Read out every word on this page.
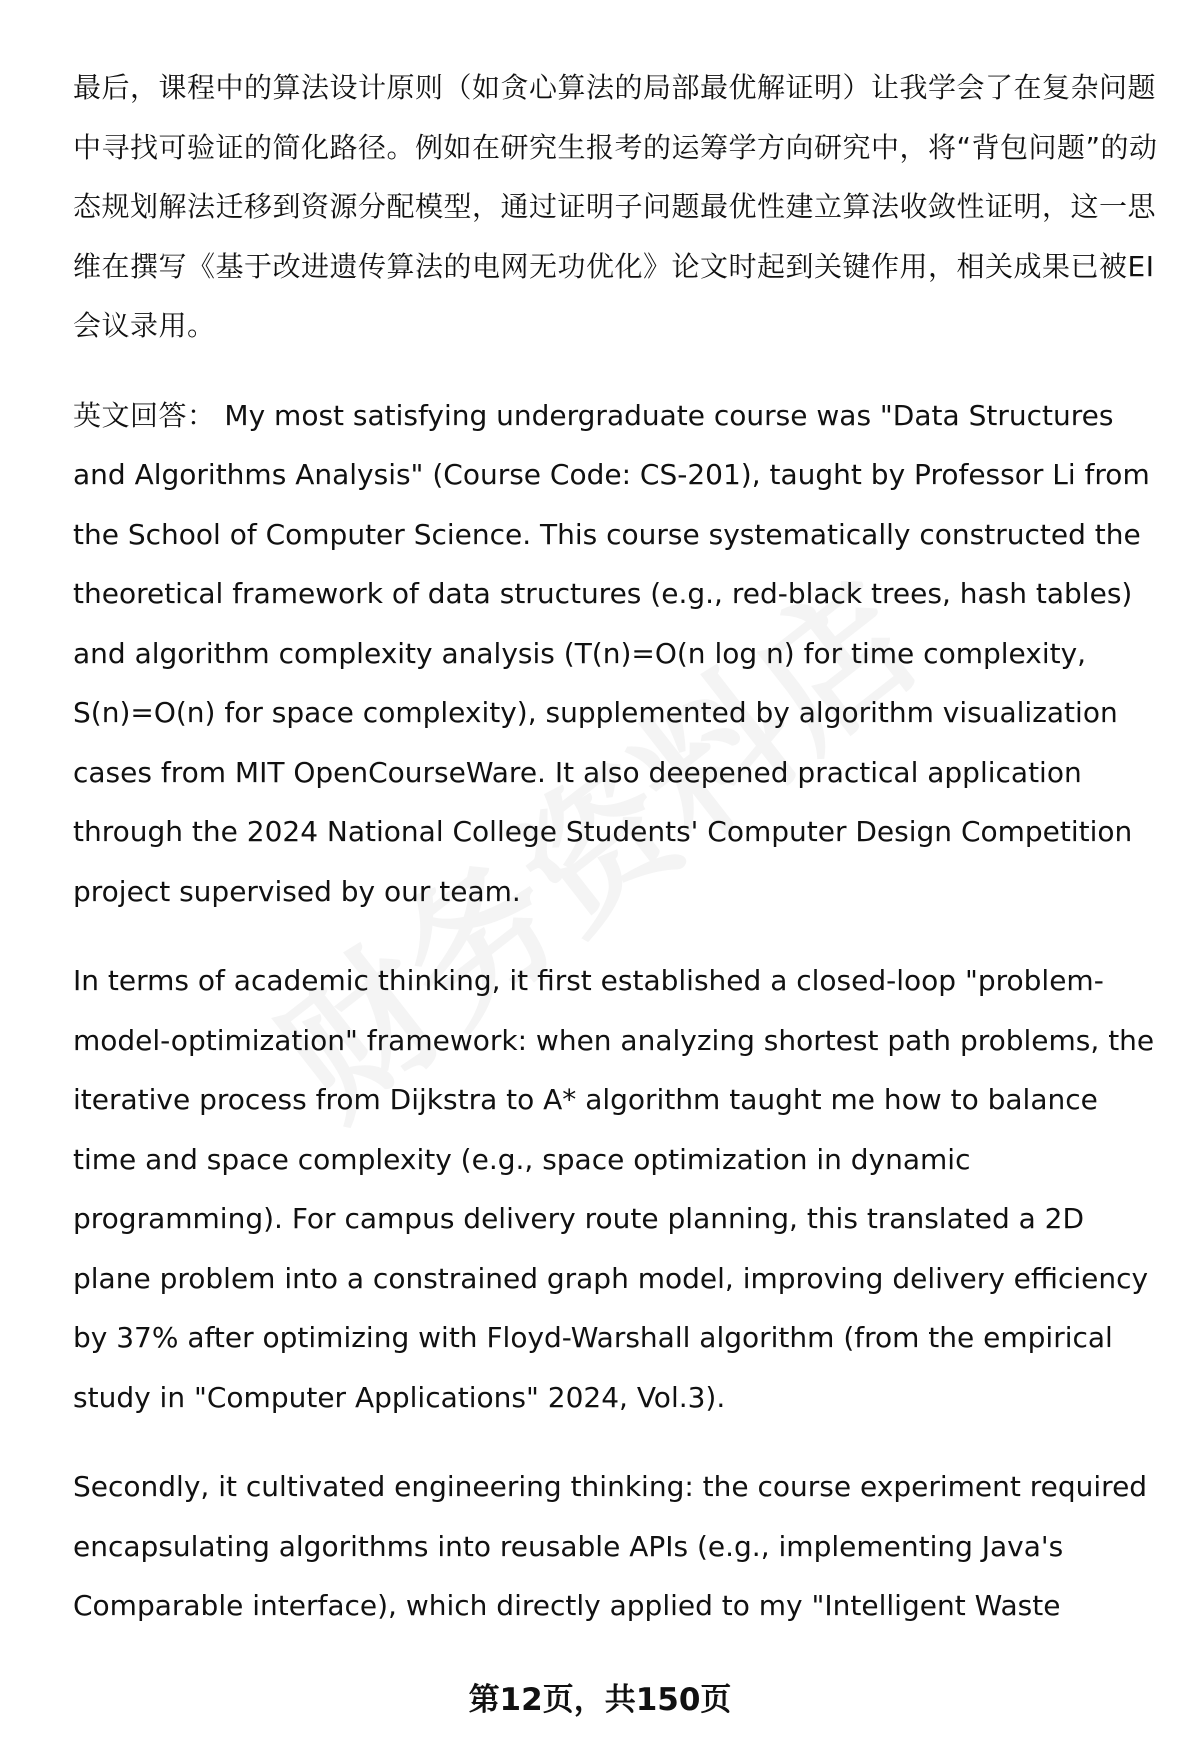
最后，课程中的算法设计原则（如贪心算法的局部最优解证明）让我学会了在复杂问题中寻找可验证的简化路径。例如在研究生报考的运筹学方向研究中，将“背包问题”的动态规划解法迁移到资源分配模型，通过证明子问题最优性建立算法收敛性证明，这一思维在撰写《基于改进遗传算法的电网无功优化》论文时起到关键作用，相关成果已被EI会议录用。

英文回答： My most satisfying undergraduate course was "Data Structures and Algorithms Analysis" (Course Code: CS-201), taught by Professor Li from the School of Computer Science. This course systematically constructed the theoretical framework of data structures (e.g., red-black trees, hash tables) and algorithm complexity analysis (T(n)=O(n log n) for time complexity, S(n)=O(n) for space complexity), supplemented by algorithm visualization cases from MIT OpenCourseWare. It also deepened practical application through the 2024 National College Students' Computer Design Competition project supervised by our team.

In terms of academic thinking, it first established a closed-loop "problem-model-optimization" framework: when analyzing shortest path problems, the iterative process from Dijkstra to A* algorithm taught me how to balance time and space complexity (e.g., space optimization in dynamic programming). For campus delivery route planning, this translated a 2D plane problem into a constrained graph model, improving delivery efficiency by 37% after optimizing with Floyd-Warshall algorithm (from the empirical study in "Computer Applications" 2024, Vol.3).

Secondly, it cultivated engineering thinking: the course experiment required encapsulating algorithms into reusable APIs (e.g., implementing Java's Comparable interface), which directly applied to my "Intelligent Waste

第12页，共150页
